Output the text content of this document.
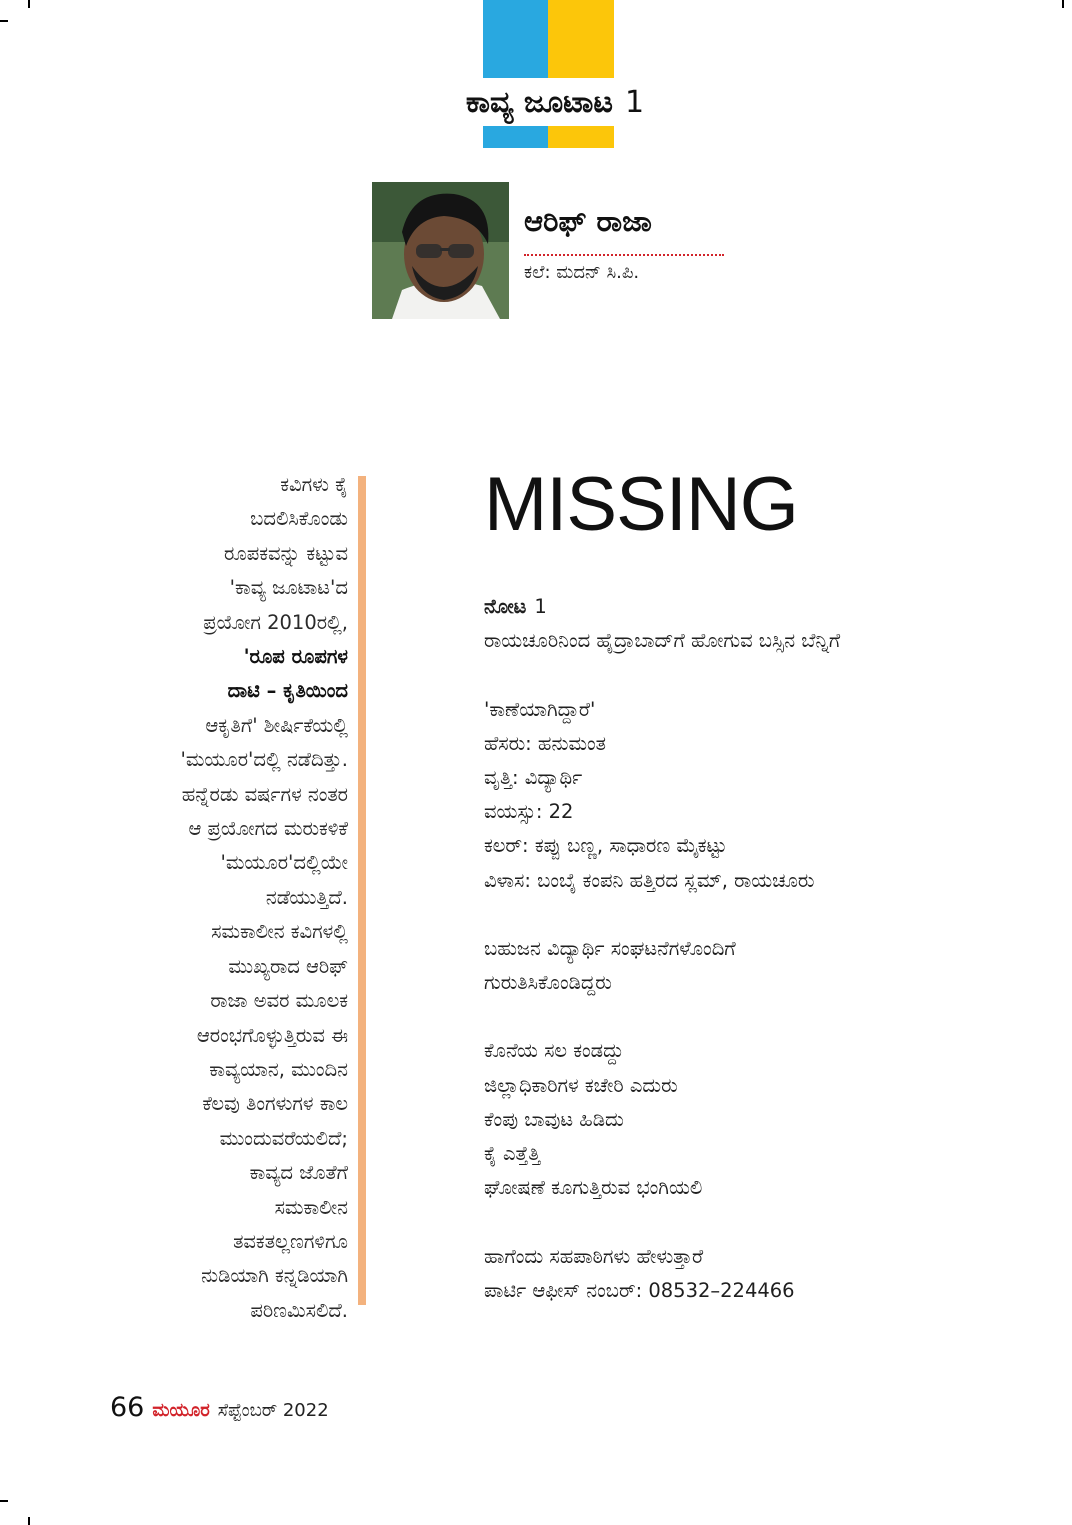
ಕಾವ್ಯ ಜೂಟಾಟ 1
ಆರಿಫ್ ರಾಜಾ
ಕಲೆ: ಮದನ್ ಸಿ.ಪಿ.
ಕವಿಗಳು ಕೈ
ಬದಲಿಸಿಕೊಂಡು
ರೂಪಕವನ್ನು ಕಟ್ಟುವ
'ಕಾವ್ಯ ಜೂಟಾಟ'ದ
ಪ್ರಯೋಗ 2010ರಲ್ಲಿ,
'ರೂಪ ರೂಪಗಳ
ದಾಟಿ – ಕೃತಿಯಿಂದ
ಆಕೃತಿಗೆ' ಶೀರ್ಷಿಕೆಯಲ್ಲಿ
'ಮಯೂರ'ದಲ್ಲಿ ನಡೆದಿತ್ತು.
ಹನ್ನೆರಡು ವರ್ಷಗಳ ನಂತರ
ಆ ಪ್ರಯೋಗದ ಮರುಕಳಿಕೆ
'ಮಯೂರ'ದಲ್ಲಿಯೇ
ನಡೆಯುತ್ತಿದೆ.
ಸಮಕಾಲೀನ ಕವಿಗಳಲ್ಲಿ
ಮುಖ್ಯರಾದ ಆರಿಫ್
ರಾಜಾ ಅವರ ಮೂಲಕ
ಆರಂಭಗೊಳ್ಳುತ್ತಿರುವ ಈ
ಕಾವ್ಯಯಾನ, ಮುಂದಿನ
ಕೆಲವು ತಿಂಗಳುಗಳ ಕಾಲ
ಮುಂದುವರೆಯಲಿದೆ;
ಕಾವ್ಯದ ಜೊತೆಗೆ
ಸಮಕಾಲೀನ
ತವಕತಲ್ಲಣಗಳಿಗೂ
ನುಡಿಯಾಗಿ ಕನ್ನಡಿಯಾಗಿ
ಪರಿಣಮಿಸಲಿದೆ.
MISSING
ನೋಟ 1
ರಾಯಚೂರಿನಿಂದ ಹೈದ್ರಾಬಾದ್‌ಗೆ ಹೋಗುವ ಬಸ್ಸಿನ ಬೆನ್ನಿಗೆ
'ಕಾಣೆಯಾಗಿದ್ದಾರೆ'
ಹೆಸರು: ಹನುಮಂತ
ವೃತ್ತಿ: ವಿದ್ಯಾರ್ಥಿ
ವಯಸ್ಸು: 22
ಕಲರ್: ಕಪ್ಪು ಬಣ್ಣ, ಸಾಧಾರಣ ಮೈಕಟ್ಟು
ವಿಳಾಸ: ಬಂಬೈ ಕಂಪನಿ ಹತ್ತಿರದ ಸ್ಲಮ್, ರಾಯಚೂರು
ಬಹುಜನ ವಿದ್ಯಾರ್ಥಿ ಸಂಘಟನೆಗಳೊಂದಿಗೆ
ಗುರುತಿಸಿಕೊಂಡಿದ್ದರು
ಕೊನೆಯ ಸಲ ಕಂಡದ್ದು
ಜಿಲ್ಲಾಧಿಕಾರಿಗಳ ಕಚೇರಿ ಎದುರು
ಕೆಂಪು ಬಾವುಟ ಹಿಡಿದು
ಕೈ ಎತ್ತೆತ್ತಿ
ಘೋಷಣೆ ಕೂಗುತ್ತಿರುವ ಭಂಗಿಯಲಿ
ಹಾಗೆಂದು ಸಹಪಾಠಿಗಳು ಹೇಳುತ್ತಾರೆ
ಪಾರ್ಟಿ ಆಫೀಸ್ ನಂಬರ್: 08532–224466
66 ಮಯೂರ ಸೆಪ್ಟೆಂಬರ್ 2022
